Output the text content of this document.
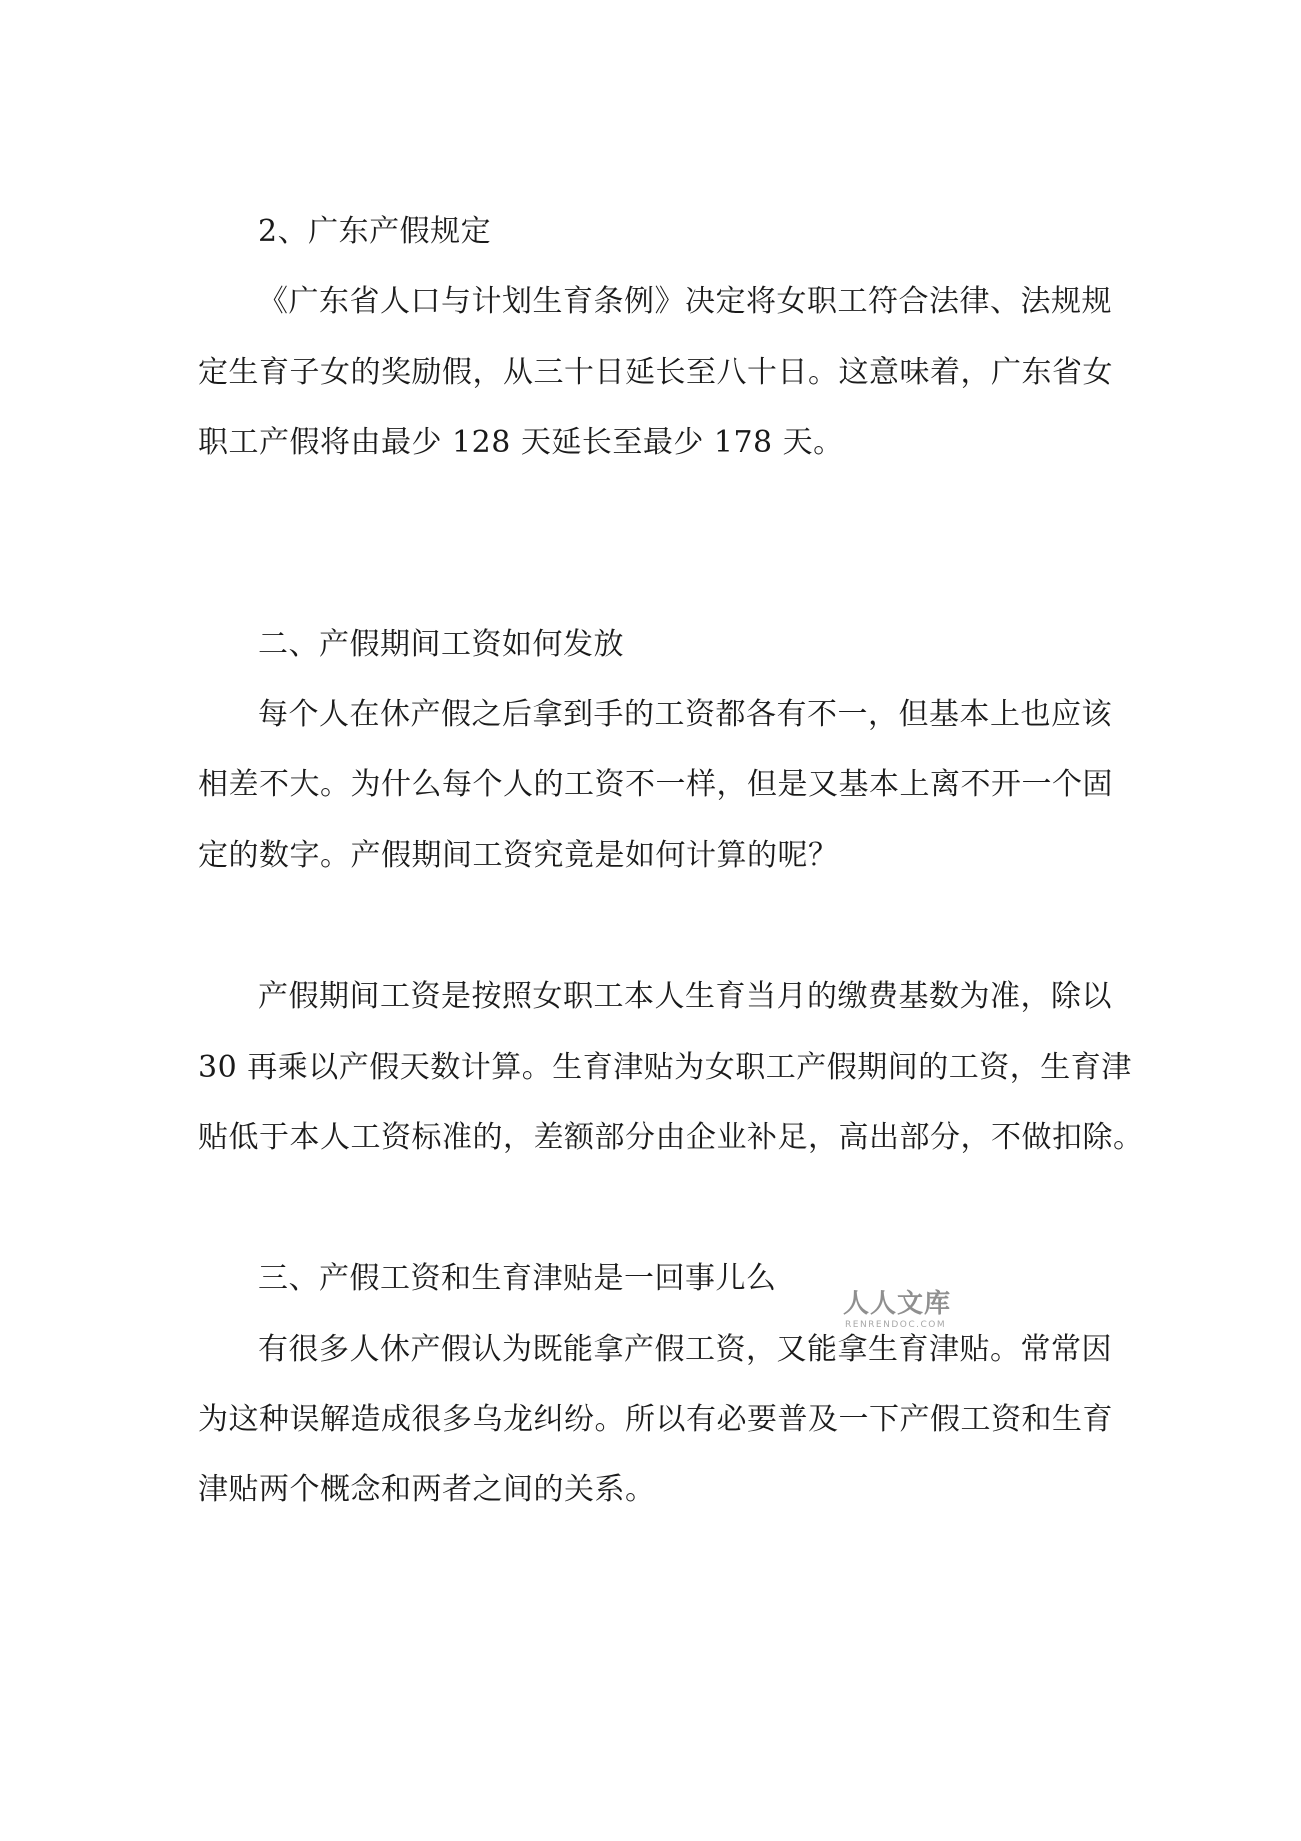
2、广东产假规定
《广东省人口与计划生育条例》决定将女职工符合法律、法规规
定生育子女的奖励假，从三十日延长至八十日。这意味着，广东省女
职工产假将由最少 128 天延长至最少 178 天。
二、产假期间工资如何发放
每个人在休产假之后拿到手的工资都各有不一，但基本上也应该
相差不大。为什么每个人的工资不一样，但是又基本上离不开一个固
定的数字。产假期间工资究竟是如何计算的呢？
产假期间工资是按照女职工本人生育当月的缴费基数为准，除以
30 再乘以产假天数计算。生育津贴为女职工产假期间的工资，生育津
贴低于本人工资标准的，差额部分由企业补足，高出部分，不做扣除。
三、产假工资和生育津贴是一回事儿么
有很多人休产假认为既能拿产假工资，又能拿生育津贴。常常因
为这种误解造成很多乌龙纠纷。所以有必要普及一下产假工资和生育
津贴两个概念和两者之间的关系。
人人文库
RENRENDOC.COM
